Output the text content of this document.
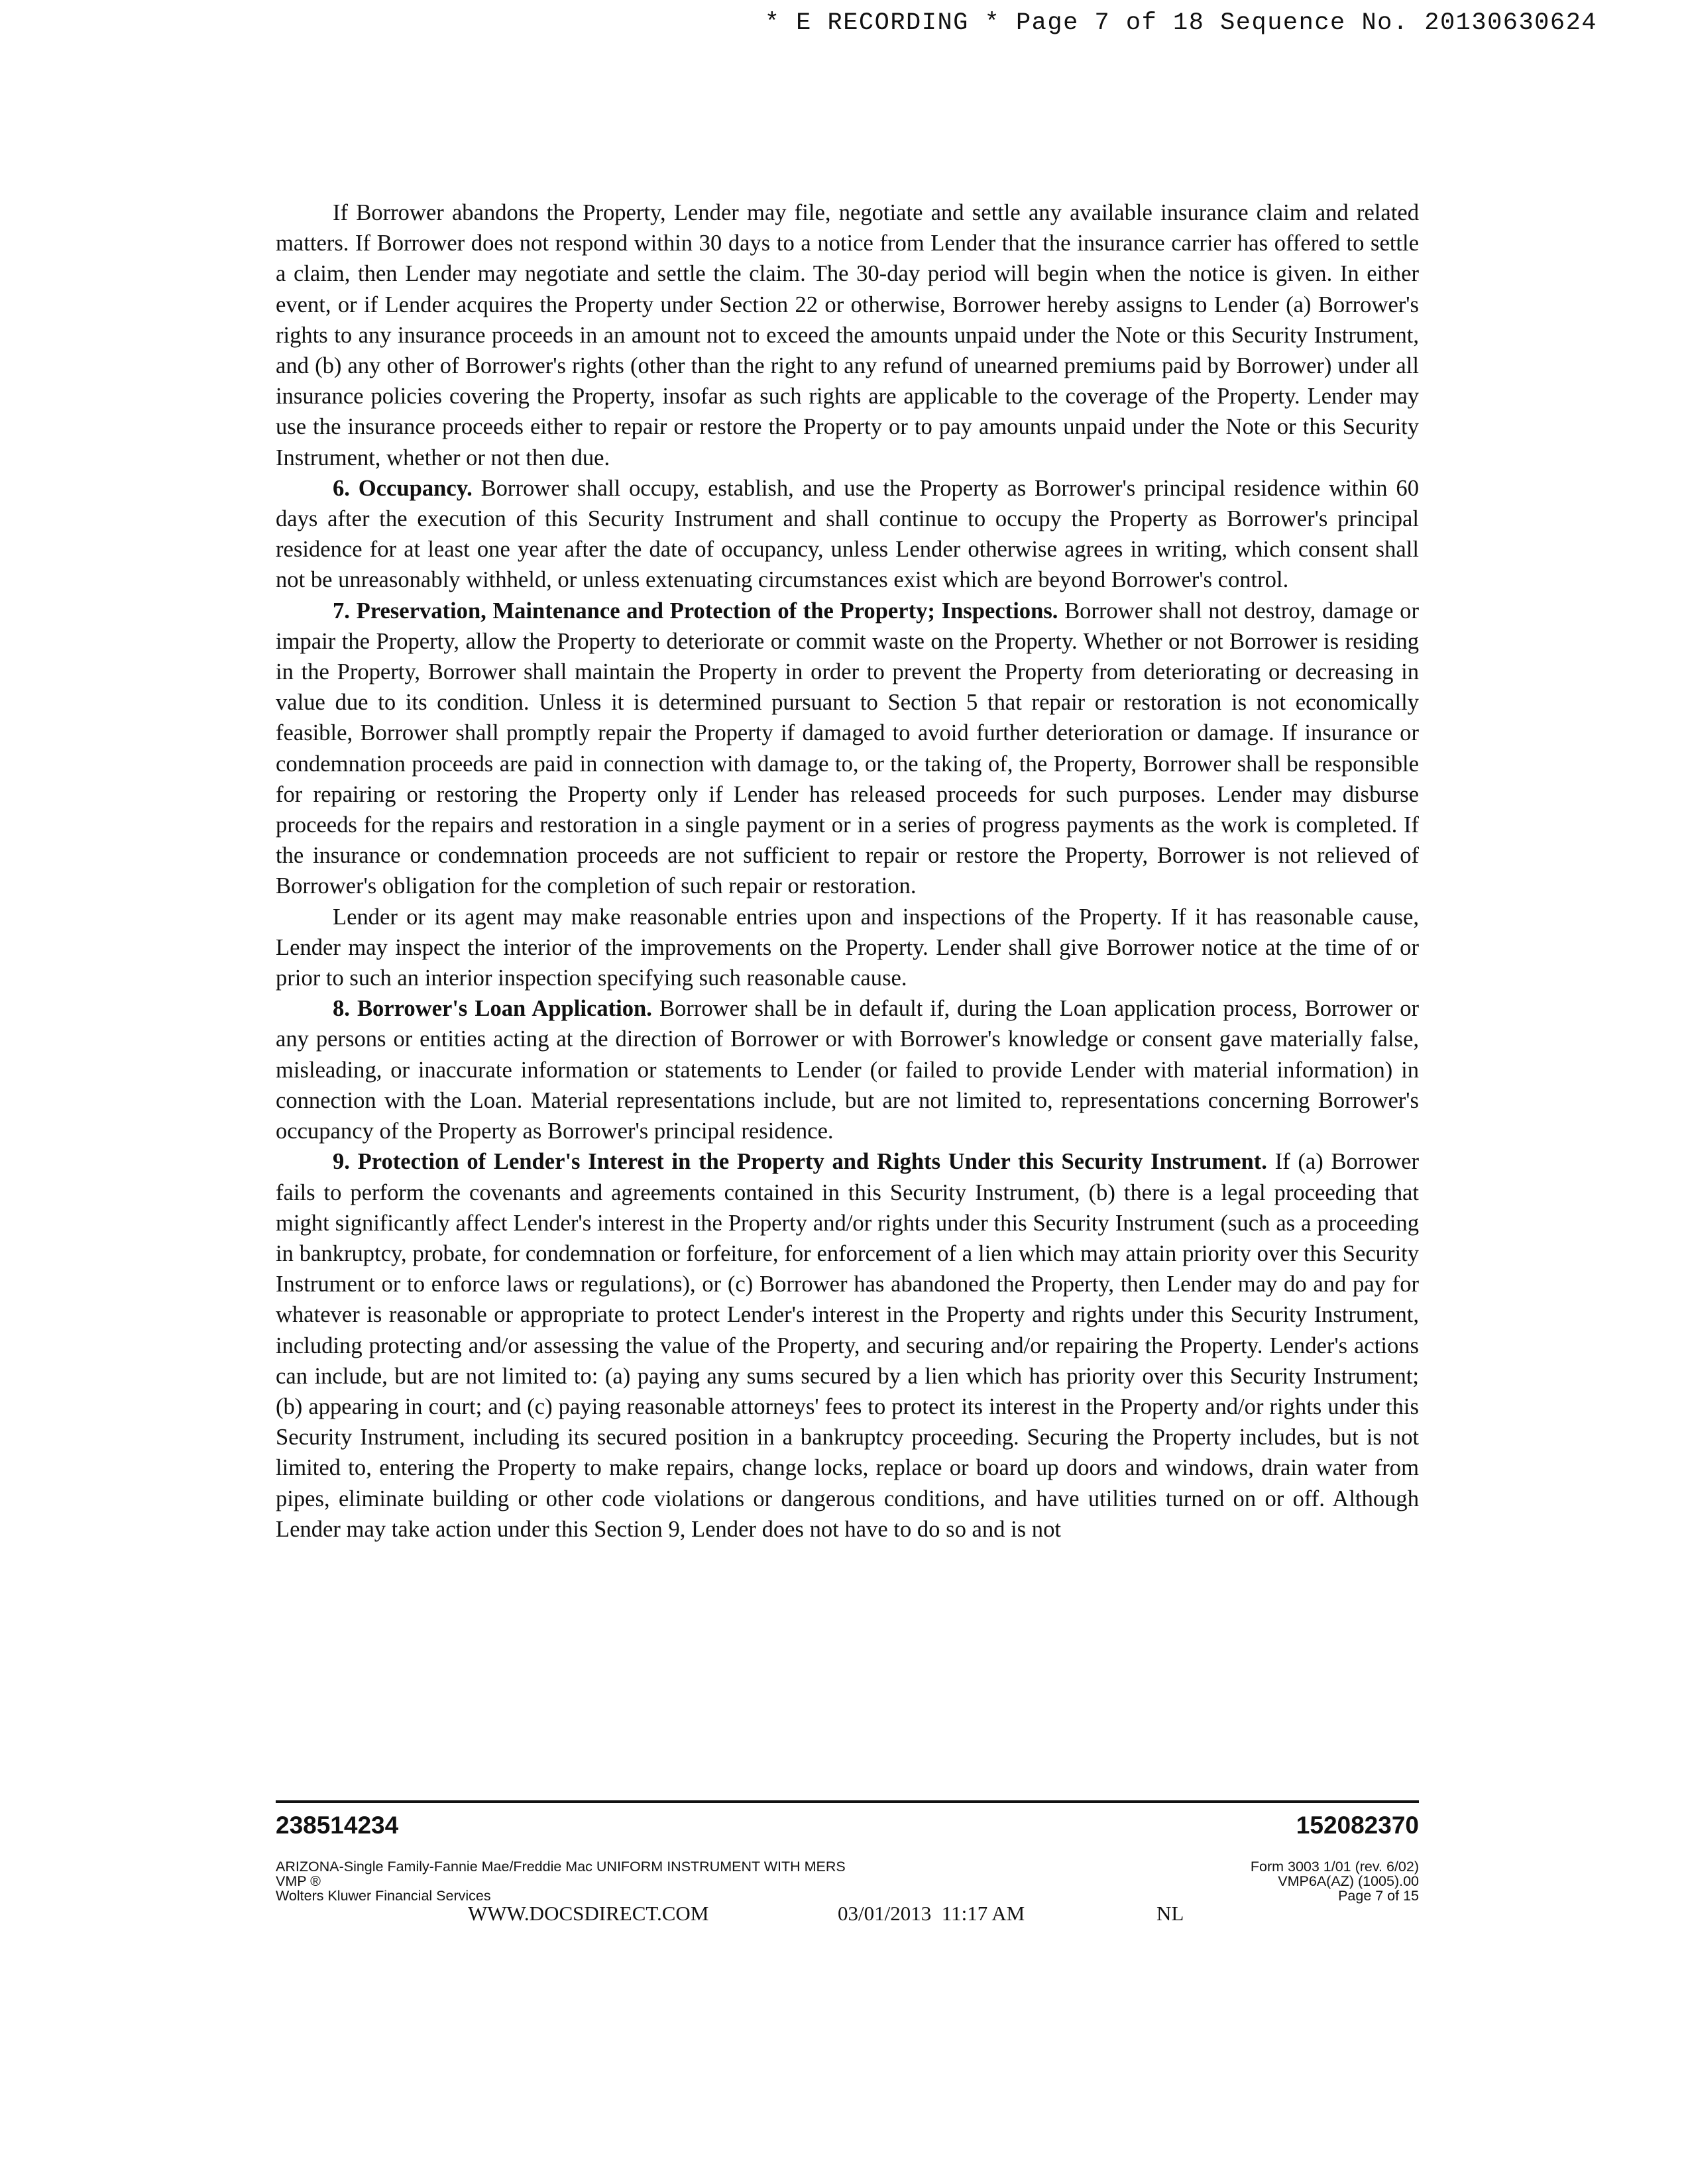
* E RECORDING * Page 7 of 18 Sequence No. 20130630624

If Borrower abandons the Property, Lender may file, negotiate and settle any available insurance claim and related matters. If Borrower does not respond within 30 days to a notice from Lender that the insurance carrier has offered to settle a claim, then Lender may negotiate and settle the claim. The 30-day period will begin when the notice is given. In either event, or if Lender acquires the Property under Section 22 or otherwise, Borrower hereby assigns to Lender (a) Borrower's rights to any insurance proceeds in an amount not to exceed the amounts unpaid under the Note or this Security Instrument, and (b) any other of Borrower's rights (other than the right to any refund of unearned premiums paid by Borrower) under all insurance policies covering the Property, insofar as such rights are applicable to the coverage of the Property. Lender may use the insurance proceeds either to repair or restore the Property or to pay amounts unpaid under the Note or this Security Instrument, whether or not then due.

6. Occupancy. Borrower shall occupy, establish, and use the Property as Borrower's principal residence within 60 days after the execution of this Security Instrument and shall continue to occupy the Property as Borrower's principal residence for at least one year after the date of occupancy, unless Lender otherwise agrees in writing, which consent shall not be unreasonably withheld, or unless extenuating circumstances exist which are beyond Borrower's control.

7. Preservation, Maintenance and Protection of the Property; Inspections. Borrower shall not destroy, damage or impair the Property, allow the Property to deteriorate or commit waste on the Property. Whether or not Borrower is residing in the Property, Borrower shall maintain the Property in order to prevent the Property from deteriorating or decreasing in value due to its condition. Unless it is determined pursuant to Section 5 that repair or restoration is not economically feasible, Borrower shall promptly repair the Property if damaged to avoid further deterioration or damage. If insurance or condemnation proceeds are paid in connection with damage to, or the taking of, the Property, Borrower shall be responsible for repairing or restoring the Property only if Lender has released proceeds for such purposes. Lender may disburse proceeds for the repairs and restoration in a single payment or in a series of progress payments as the work is completed. If the insurance or condemnation proceeds are not sufficient to repair or restore the Property, Borrower is not relieved of Borrower's obligation for the completion of such repair or restoration.

Lender or its agent may make reasonable entries upon and inspections of the Property. If it has reasonable cause, Lender may inspect the interior of the improvements on the Property. Lender shall give Borrower notice at the time of or prior to such an interior inspection specifying such reasonable cause.

8. Borrower's Loan Application. Borrower shall be in default if, during the Loan application process, Borrower or any persons or entities acting at the direction of Borrower or with Borrower's knowledge or consent gave materially false, misleading, or inaccurate information or statements to Lender (or failed to provide Lender with material information) in connection with the Loan. Material representations include, but are not limited to, representations concerning Borrower's occupancy of the Property as Borrower's principal residence.

9. Protection of Lender's Interest in the Property and Rights Under this Security Instrument. If (a) Borrower fails to perform the covenants and agreements contained in this Security Instrument, (b) there is a legal proceeding that might significantly affect Lender's interest in the Property and/or rights under this Security Instrument (such as a proceeding in bankruptcy, probate, for condemnation or forfeiture, for enforcement of a lien which may attain priority over this Security Instrument or to enforce laws or regulations), or (c) Borrower has abandoned the Property, then Lender may do and pay for whatever is reasonable or appropriate to protect Lender's interest in the Property and rights under this Security Instrument, including protecting and/or assessing the value of the Property, and securing and/or repairing the Property. Lender's actions can include, but are not limited to: (a) paying any sums secured by a lien which has priority over this Security Instrument; (b) appearing in court; and (c) paying reasonable attorneys' fees to protect its interest in the Property and/or rights under this Security Instrument, including its secured position in a bankruptcy proceeding. Securing the Property includes, but is not limited to, entering the Property to make repairs, change locks, replace or board up doors and windows, drain water from pipes, eliminate building or other code violations or dangerous conditions, and have utilities turned on or off. Although Lender may take action under this Section 9, Lender does not have to do so and is not

238514234	152082370
ARIZONA-Single Family-Fannie Mae/Freddie Mac UNIFORM INSTRUMENT WITH MERS
VMP ®
Wolters Kluwer Financial Services
Form 3003 1/01 (rev. 6/02)
VMP6A(AZ) (1005).00
Page 7 of 15
WWW.DOCSDIRECT.COM	03/01/2013  11:17 AM	NL
